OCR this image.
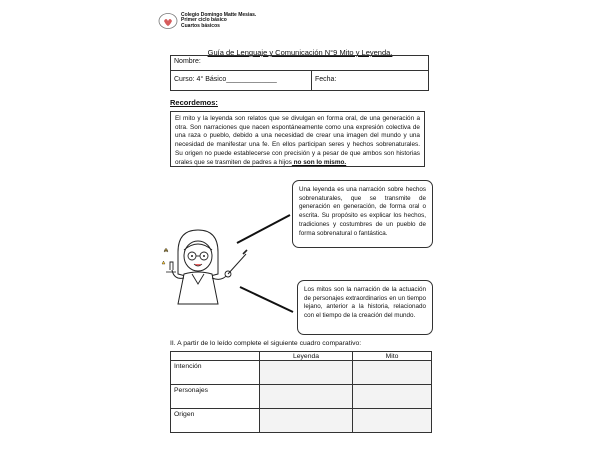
Colegio Domingo Matte Mesias.
Primer ciclo básico
Cuartos básicos
Guía de Lenguaje y Comunicación N°9 Mito y Leyenda.
Nombre:
Curso: 4° Básico_____________	Fecha:
Recordemos:
El mito y la leyenda son relatos que se divulgan en forma oral, de una generación a otra. Son narraciones que nacen espontáneamente como una expresión colectiva de una raza o pueblo, debido a una necesidad de crear una imagen del mundo y una necesidad de manifestar una fe. En ellos participan seres y hechos sobrenaturales. Su origen no puede establecerse con precisión y a pesar de que ambos son historias orales que se trasmiten de padres a hijos no son lo mismo.
Una leyenda es una narración sobre hechos sobrenaturales, que se transmite de generación en generación, de forma oral o escrita. Su propósito es explicar los hechos, tradiciones y costumbres de un pueblo de forma sobrenatural o fantástica.
Los mitos son la narración de la actuación de personajes extraordinarios en un tiempo lejano, anterior a la historia, relacionado con el tiempo de la creación del mundo.
II. A partir de lo leído complete el siguiente cuadro comparativo:
	Leyenda	Mito
Intención		
Personajes		
Origen		
